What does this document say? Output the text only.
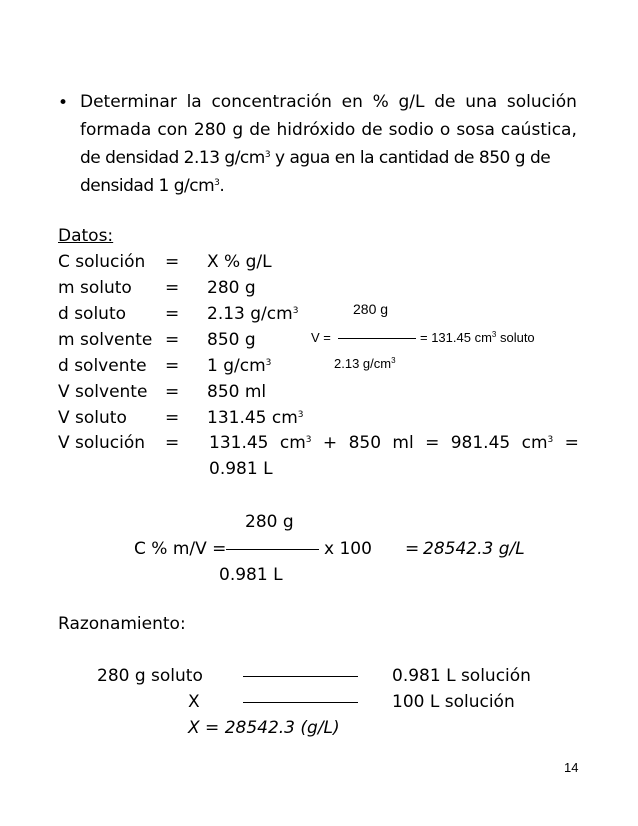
• Determinar la concentración en % g/L de una solución
formada con 280 g de hidróxido de sodio o sosa caústica,
de densidad 2.13 $g/cm^3$ y agua en la cantidad de 850 g de
densidad 1 $g/cm^3$.
Datos:
C solución = X % g/L
m soluto = 280 g
d soluto = 2.13 $g/cm^3$
m solvente = 850 g
d solvente = 1 $g/cm^3$
V solvente = 850 ml
V soluto = 131.45 $cm^3$
V solución = 131.45 $cm^3 + 850$ ml = 981.45 $cm^3$ =
0.981 L
280 g
V =	= 131.45 $cm^3$ soluto
2.13 $g/cm^3$
280 g
C % m/V =	x 100 = 28542.3 g/L
0.981 L
Razonamiento:
280 g soluto	0.981 L solución
X	100 L solución
X = 28542.3 (g/L)
14
